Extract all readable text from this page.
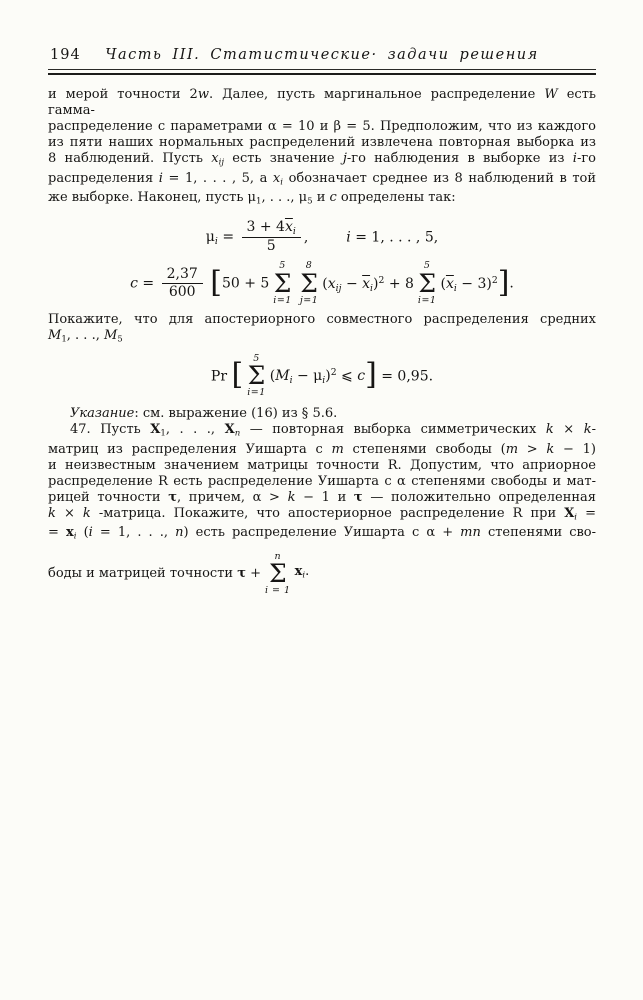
194	Часть III. Статистические· задачи решения
и мерой точности 2w. Далее, пусть маргинальное распределение W есть гамма-
распределение с параметрами α = 10 и β = 5. Предположим, что из каждого
из пяти наших нормальных распределений извлечена повторная выборка из
8 наблюдений. Пусть $x_{ij}$ есть значение j-го наблюдения в выборке из i-го
распределения i = 1, . . . , 5, а $x_i$ обозначает среднее из 8 наблюдений в той
же выборке. Наконец, пусть $\mu_1$, . . ., $\mu_5$ и c определены так:
$\mu_i = \frac{3 + 4\overline{x}_i}{5}$ ,	i = 1, . . . , 5,
$c = \frac{2,37}{600} [50 + 5$
5
Σ
i=1
8
Σ
j=1
$(x_{ij} - \overline{x}_i)^2 + 8$
5
Σ
i=1
$(\overline{x}_i - 3)^2$].
Покажите, что для апостериорного совместного распределения средних
$M_1$, . . ., $M_5$
Pr [ 5
Σ
i=1
$(M_i - \mu_i)^2$ ⩽ c] = 0,95.
Указание: см. выражение (16) из § 5.6.
47. Пусть $X_1$, . . ., $X_n$ — повторная выборка симметрических k × k-
матриц из распределения Уишарта с m степенями свободы (m > k − 1)
и неизвестным значением матрицы точности R. Допустим, что априорное
распределение R есть распределение Уишарта с α степенями свободы и мат-
рицей точности τ, причем, α > k − 1 и τ — положительно определенная
k × k -матрица. Покажите, что апостериорное распределение R при $X_i$ =
= $x_i$ (i = 1, . . ., n) есть распределение Уишарта с α + mn степенями сво-
боды и матрицей точности τ +
n
Σ
i = 1
$x_i$.
